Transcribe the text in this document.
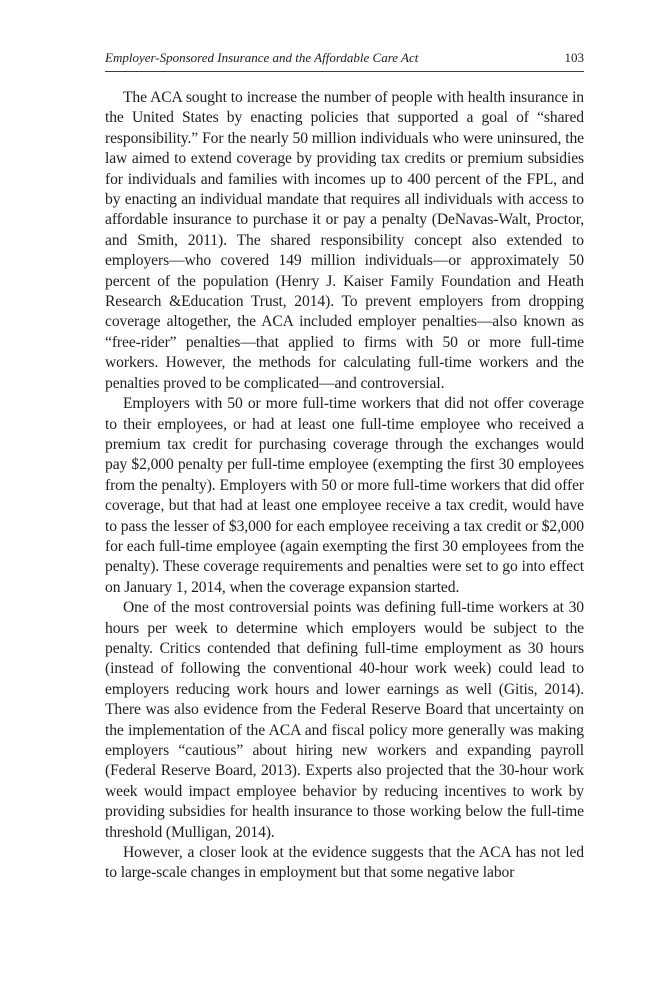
Employer-Sponsored Insurance and the Affordable Care Act	103

The ACA sought to increase the number of people with health insurance in the United States by enacting policies that supported a goal of “shared responsibility.” For the nearly 50 million individuals who were uninsured, the law aimed to extend coverage by providing tax credits or premium subsidies for individuals and families with incomes up to 400 percent of the FPL, and by enacting an individual mandate that requires all individuals with access to affordable insurance to purchase it or pay a penalty (DeNavas-Walt, Proctor, and Smith, 2011). The shared responsibility concept also extended to employers—who covered 149 million individuals—or approximately 50 percent of the population (Henry J. Kaiser Family Foundation and Heath Research &Education Trust, 2014). To prevent employers from dropping coverage altogether, the ACA included employer penalties—also known as “free-rider” penalties—that applied to firms with 50 or more full-time workers. However, the methods for calculating full-time workers and the penalties proved to be complicated—and controversial.

Employers with 50 or more full-time workers that did not offer coverage to their employees, or had at least one full-time employee who received a premium tax credit for purchasing coverage through the exchanges would pay $2,000 penalty per full-time employee (exempting the first 30 employees from the penalty). Employers with 50 or more full-time workers that did offer coverage, but that had at least one employee receive a tax credit, would have to pass the lesser of $3,000 for each employee receiving a tax credit or $2,000 for each full-time employee (again exempting the first 30 employees from the penalty). These coverage requirements and penalties were set to go into effect on January 1, 2014, when the coverage expansion started.

One of the most controversial points was defining full-time workers at 30 hours per week to determine which employers would be subject to the penalty. Critics contended that defining full-time employment as 30 hours (instead of following the conventional 40-hour work week) could lead to employers reducing work hours and lower earnings as well (Gitis, 2014). There was also evidence from the Federal Reserve Board that uncertainty on the implementation of the ACA and fiscal policy more generally was making employers “cautious” about hiring new workers and expanding payroll (Federal Reserve Board, 2013). Experts also projected that the 30-hour work week would impact employee behavior by reducing incentives to work by providing subsidies for health insurance to those working below the full-time threshold (Mulligan, 2014).

However, a closer look at the evidence suggests that the ACA has not led to large-scale changes in employment but that some negative labor
